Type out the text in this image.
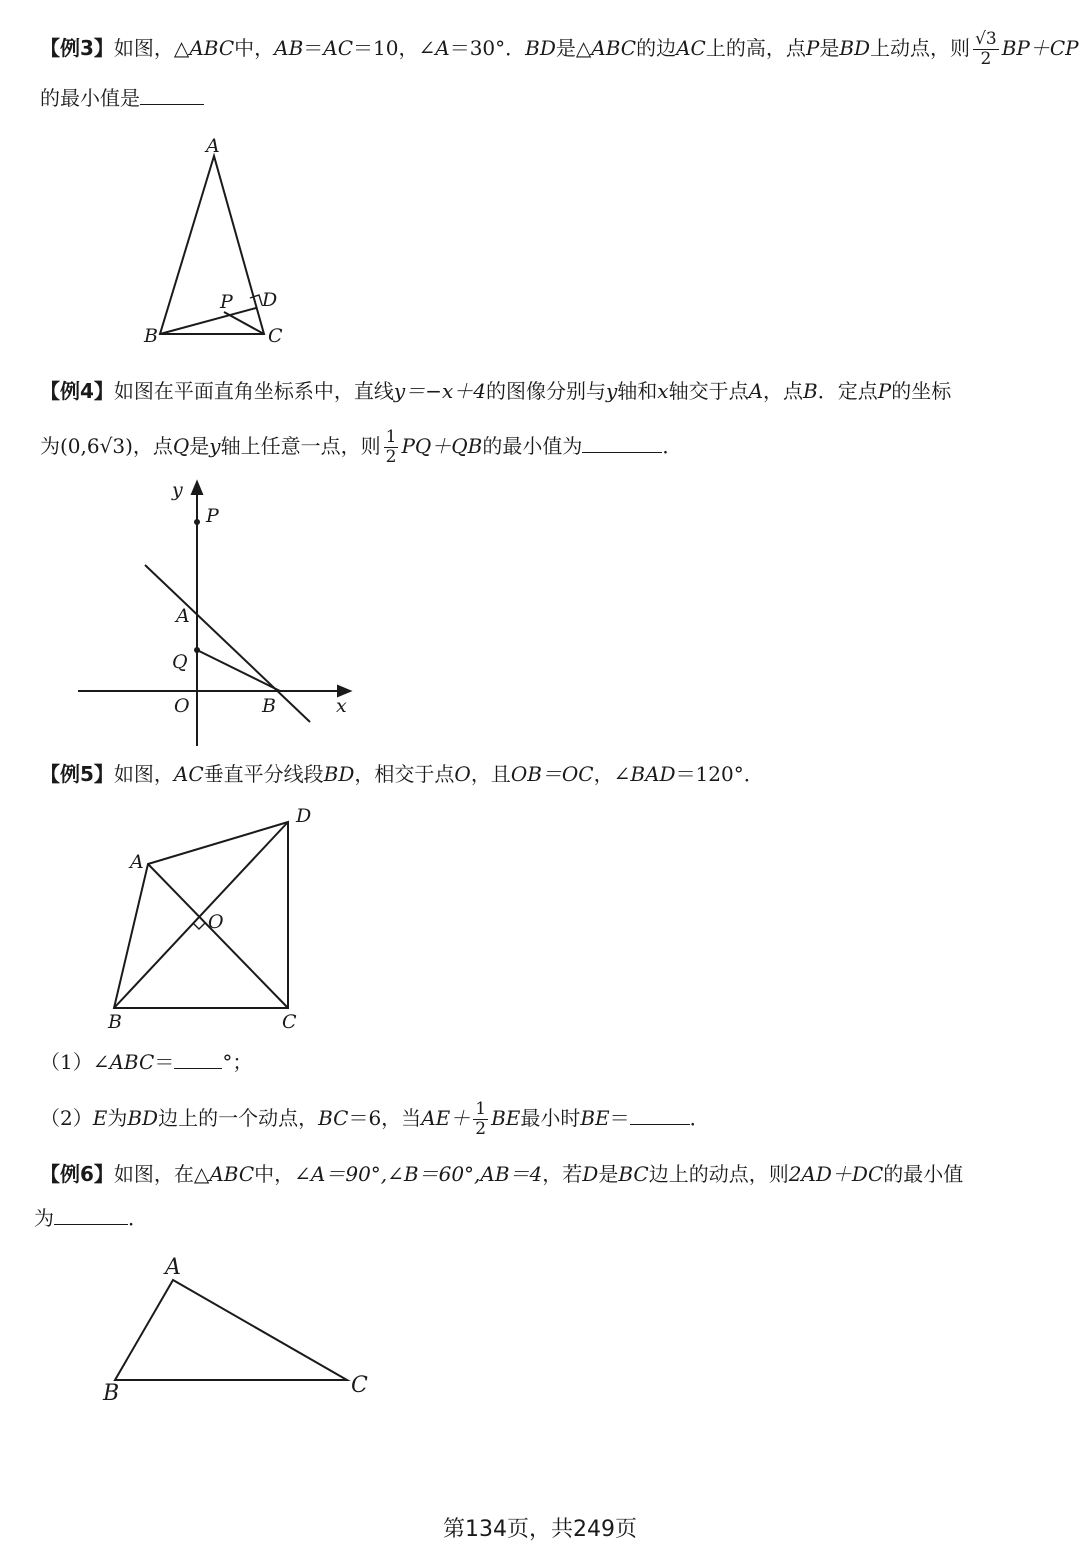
【例3】如图，△ABC中，AB＝AC＝10，∠A＝30°．BD是△ABC的边AC上的高，点P是BD上动点，则 $\frac{√3}{2} BP+CP$
的最小值是
A
B	C
D
P
【例4】如图在平面直角坐标系中，直线y＝−x＋4的图像分别与y轴和x轴交于点A，点B．定点P的坐标
为(0,6√3)，点Q是y轴上任意一点，则 $\frac{1}{2} PQ+QB$的最小值为	．
y
x
P
A
Q
O	B
【例5】如图，AC垂直平分线段BD，相交于点O，且OB＝OC，∠BAD＝120°．
A
D
O
B	C
（1）∠ABC＝ °；
（2）E为BD边上的一个动点，BC＝6，当$AE+ \frac{1}{2}$ BE最小时BE＝	．
【例6】如图，在△ABC中，∠A＝90°,∠B＝60°,AB＝4，若D是BC边上的动点，则2AD＋DC的最小值
为	．
A
B	C
第134页，共249页
